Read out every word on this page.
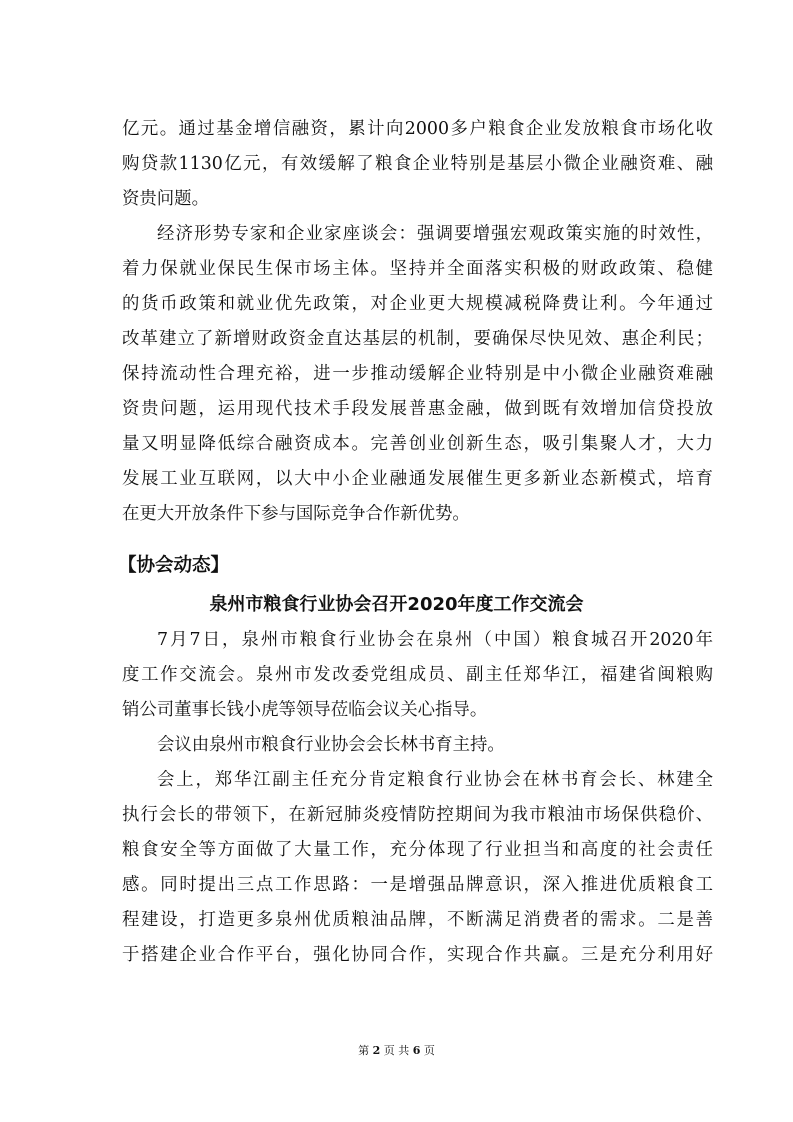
亿元。通过基金增信融资，累计向2000多户粮食企业发放粮食市场化收
购贷款1130亿元，有效缓解了粮食企业特别是基层小微企业融资难、融
资贵问题。
经济形势专家和企业家座谈会：强调要增强宏观政策实施的时效性，
着力保就业保民生保市场主体。坚持并全面落实积极的财政政策、稳健
的货币政策和就业优先政策，对企业更大规模减税降费让利。今年通过
改革建立了新增财政资金直达基层的机制，要确保尽快见效、惠企利民；
保持流动性合理充裕，进一步推动缓解企业特别是中小微企业融资难融
资贵问题，运用现代技术手段发展普惠金融，做到既有效增加信贷投放
量又明显降低综合融资成本。完善创业创新生态，吸引集聚人才，大力
发展工业互联网，以大中小企业融通发展催生更多新业态新模式，培育
在更大开放条件下参与国际竞争合作新优势。
【协会动态】
泉州市粮食行业协会召开2020年度工作交流会
7月7日，泉州市粮食行业协会在泉州（中国）粮食城召开2020年
度工作交流会。泉州市发改委党组成员、副主任郑华江，福建省闽粮购
销公司董事长钱小虎等领导莅临会议关心指导。
会议由泉州市粮食行业协会会长林书育主持。
会上，郑华江副主任充分肯定粮食行业协会在林书育会长、林建全
执行会长的带领下，在新冠肺炎疫情防控期间为我市粮油市场保供稳价、
粮食安全等方面做了大量工作，充分体现了行业担当和高度的社会责任
感。同时提出三点工作思路：一是增强品牌意识，深入推进优质粮食工
程建设，打造更多泉州优质粮油品牌，不断满足消费者的需求。二是善
于搭建企业合作平台，强化协同合作，实现合作共赢。三是充分利用好
第 2 页 共 6 页
